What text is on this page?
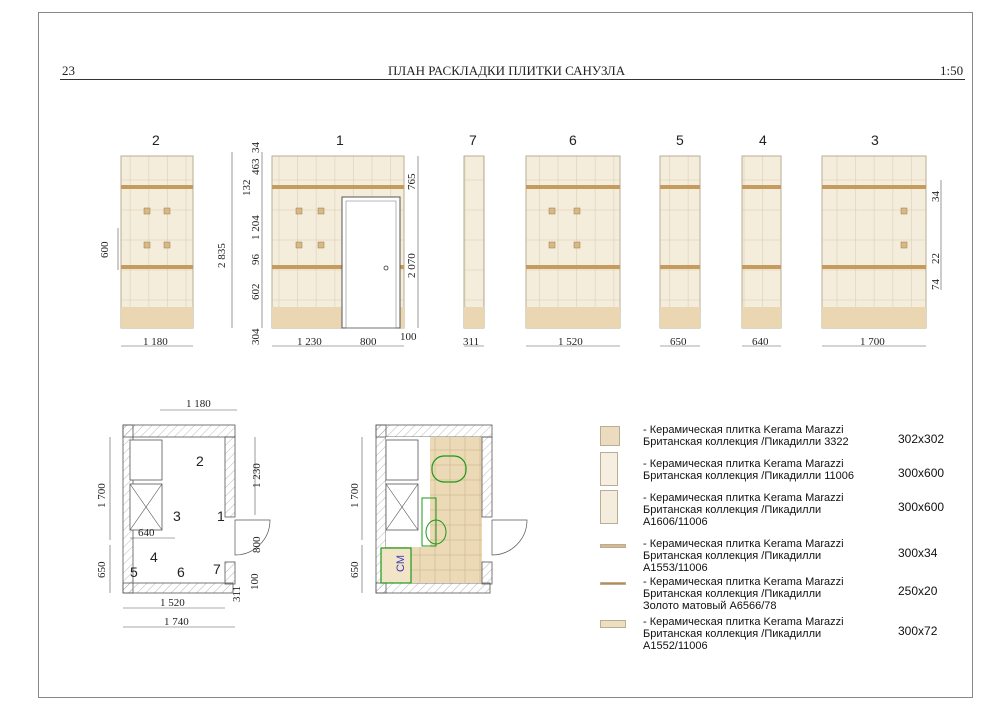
23	ПЛАН РАСКЛАДКИ ПЛИТКИ САНУЗЛА	1:50
2
1 180
600
1
1 230	800 100
2 835
34
463
132
1 204
96
602
304
765
2 070
7
311
6
1 520
5
650
4
640
3
1 700
34
22
74
1 180
1 700
650
1 230
800
640
1 520
1 740
311
100
2
3	1
4
5	6 7	СМ
1 700
650
- Керамическая плитка Kerama Marazzi
Британская коллекция /Пикадилли 3322	302x302
- Керамическая плитка Kerama Marazzi
Британская коллекция /Пикадилли 11006	300x600
- Керамическая плитка Kerama Marazzi
Британская коллекция /Пикадилли
A1606/11006
300x600
- Керамическая плитка Kerama Marazzi
Британская коллекция /Пикадилли
A1553/11006
300x34
- Керамическая плитка Kerama Marazzi
Британская коллекция /Пикадилли
Золото матовый A6566/78
250x20
- Керамическая плитка Kerama Marazzi
Британская коллекция /Пикадилли
A1552/11006
300x72
